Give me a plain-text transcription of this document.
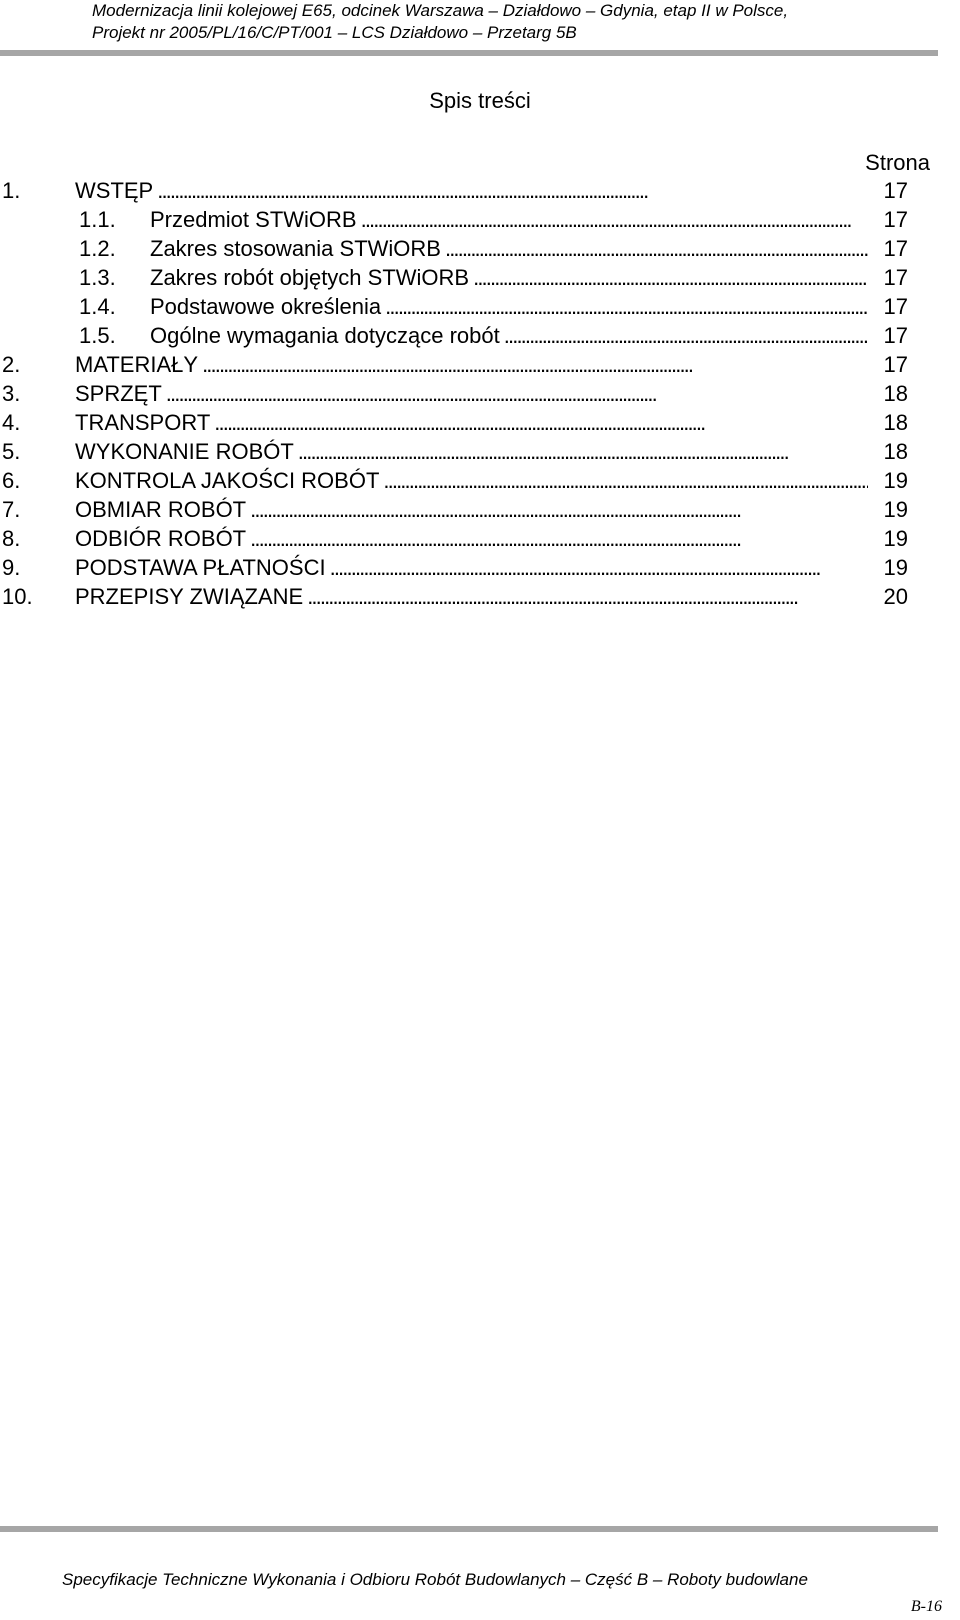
Modernizacja linii kolejowej E65, odcinek Warszawa – Działdowo – Gdynia, etap II w Polsce,
Projekt nr 2005/PL/16/C/PT/001 – LCS Działdowo – Przetarg 5B
Spis treści
Strona
1. WSTĘP . . .	17
1.1. Przedmiot STWiORB . . .	17
1.2. Zakres stosowania STWiORB . . .	17
1.3. Zakres robót objętych STWiORB . . .	17
1.4. Podstawowe określenia . . .	17
1.5. Ogólne wymagania dotyczące robót . . .	17
2. MATERIAŁY . . .	17
3. SPRZĘT . . .	18
4. TRANSPORT . . .	18
5. WYKONANIE ROBÓT . . .	18
6. KONTROLA JAKOŚCI ROBÓT . . .	19
7. OBMIAR ROBÓT . . .	19
8. ODBIÓR ROBÓT . . .	19
9. PODSTAWA PŁATNOŚCI . . .	19
10. PRZEPISY ZWIĄZANE . . .	20
Specyfikacje Techniczne Wykonania i Odbioru Robót Budowlanych – Część B – Roboty budowlane
B-16
